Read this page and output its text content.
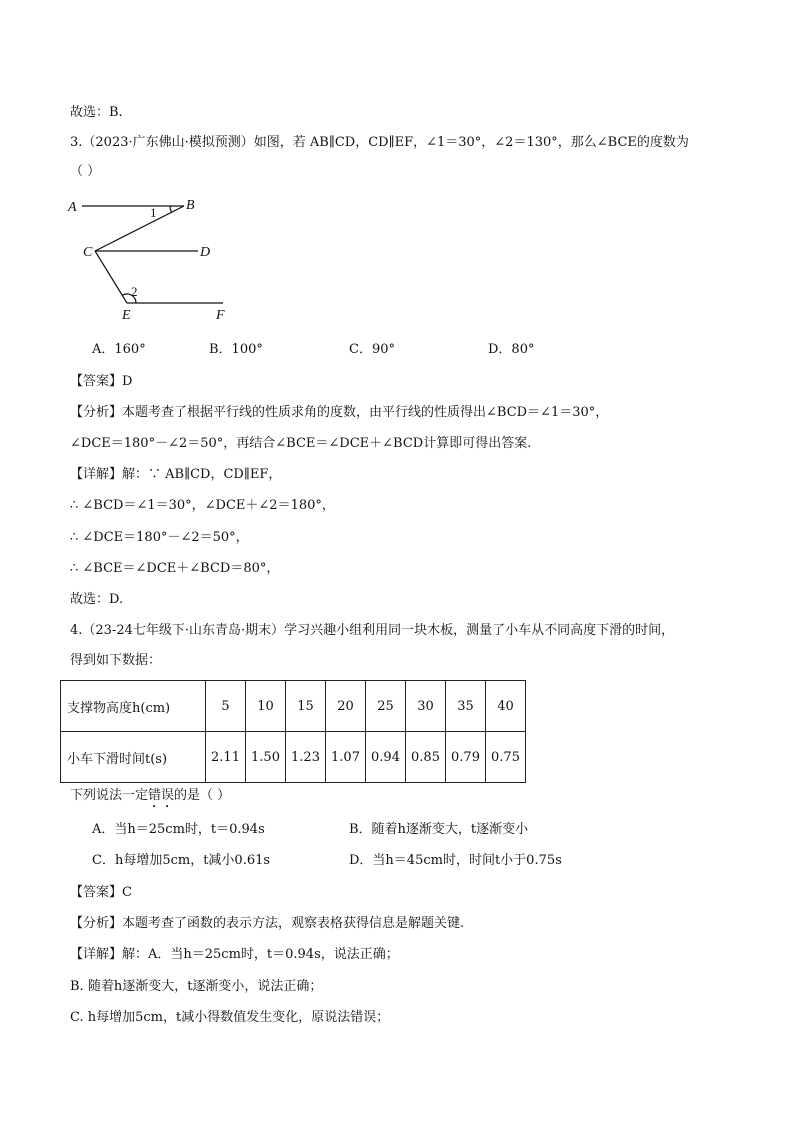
故选：B.
3.（2023·广东佛山·模拟预测）如图，若 AB∥CD，CD∥EF，∠1＝30°，∠2＝130°，那么∠BCE的度数为
（ ）
A	B
C	D
E	F
1
2
A．160°	B．100°	C．90°	D．80°
【答案】D
【分析】本题考查了根据平行线的性质求角的度数，由平行线的性质得出∠BCD＝∠1＝30°，
∠DCE＝180°－∠2＝50°，再结合∠BCE＝∠DCE＋∠BCD计算即可得出答案.
【详解】解：∵ AB∥CD，CD∥EF，
∴ ∠BCD＝∠1＝30°，∠DCE＋∠2＝180°，
∴ ∠DCE＝180°－∠2＝50°，
∴ ∠BCE＝∠DCE＋∠BCD＝80°，
故选：D.
4.（23-24七年级下·山东青岛·期末）学习兴趣小组利用同一块木板，测量了小车从不同高度下滑的时间，
得到如下数据：
支撑物高度h(cm)	5	10	15	20	25	30	35	40
小车下滑时间t(s)	2.11	1.50	1.23	1.07	0.94	0.85	0.79	0.75
下列说法一定错误的是（ ）
A．当h＝25cm时，t＝0.94s	B．随着h逐渐变大，t逐渐变小
C．h每增加5cm，t减小0.61s	D．当h＝45cm时，时间t小于0.75s
【答案】C
【分析】本题考查了函数的表示方法，观察表格获得信息是解题关键.
【详解】解：A．当h＝25cm时，t＝0.94s，说法正确；
B. 随着h逐渐变大，t逐渐变小，说法正确；
C. h每增加5cm，t减小得数值发生变化，原说法错误；
